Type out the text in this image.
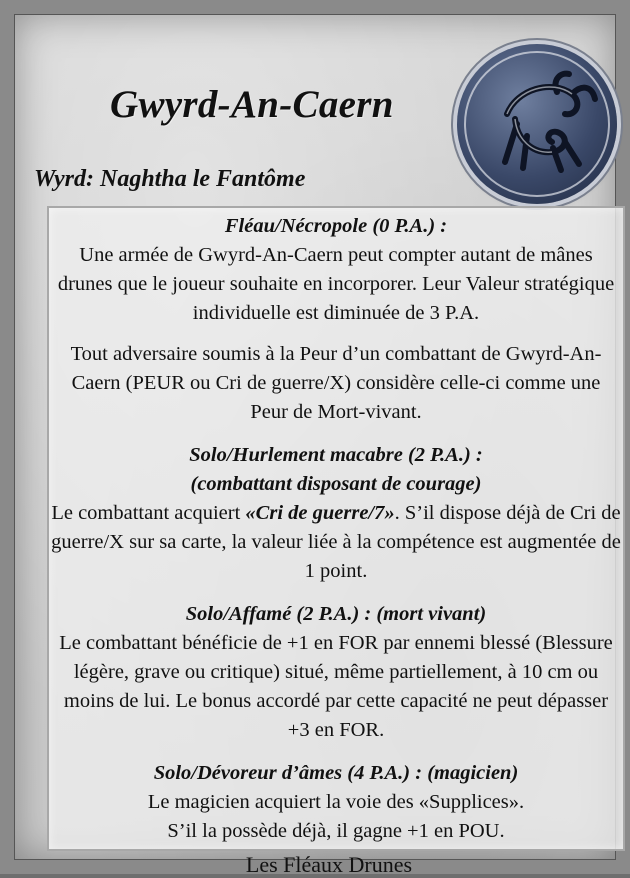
Gwyrd-An-Caern
Wyrd: Naghtha le Fantôme
Fléau/Nécropole (0 P.A.) :
Une armée de Gwyrd-An-Caern peut compter autant de mânes drunes que le joueur souhaite en incorporer. Leur Valeur stratégique individuelle est diminuée de 3 P.A.
Tout adversaire soumis à la Peur d’un combattant de Gwyrd-An-Caern (PEUR ou Cri de guerre/X) considère celle-ci comme une Peur de Mort-vivant.
Solo/Hurlement macabre (2 P.A.) :
(combattant disposant de courage)
Le combattant acquiert «Cri de guerre/7». S’il dispose déjà de Cri de guerre/X sur sa carte, la valeur liée à la compétence est augmentée de 1 point.
Solo/Affamé (2 P.A.) : (mort vivant)
Le combattant bénéficie de +1 en FOR par ennemi blessé (Blessure légère, grave ou critique) situé, même partiellement, à 10 cm ou moins de lui. Le bonus accordé par cette capacité ne peut dépasser +3 en FOR.
Solo/Dévoreur d’âmes (4 P.A.) : (magicien)
Le magicien acquiert la voie des «Supplices».
S’il la possède déjà, il gagne +1 en POU.
Les Fléaux Drunes
